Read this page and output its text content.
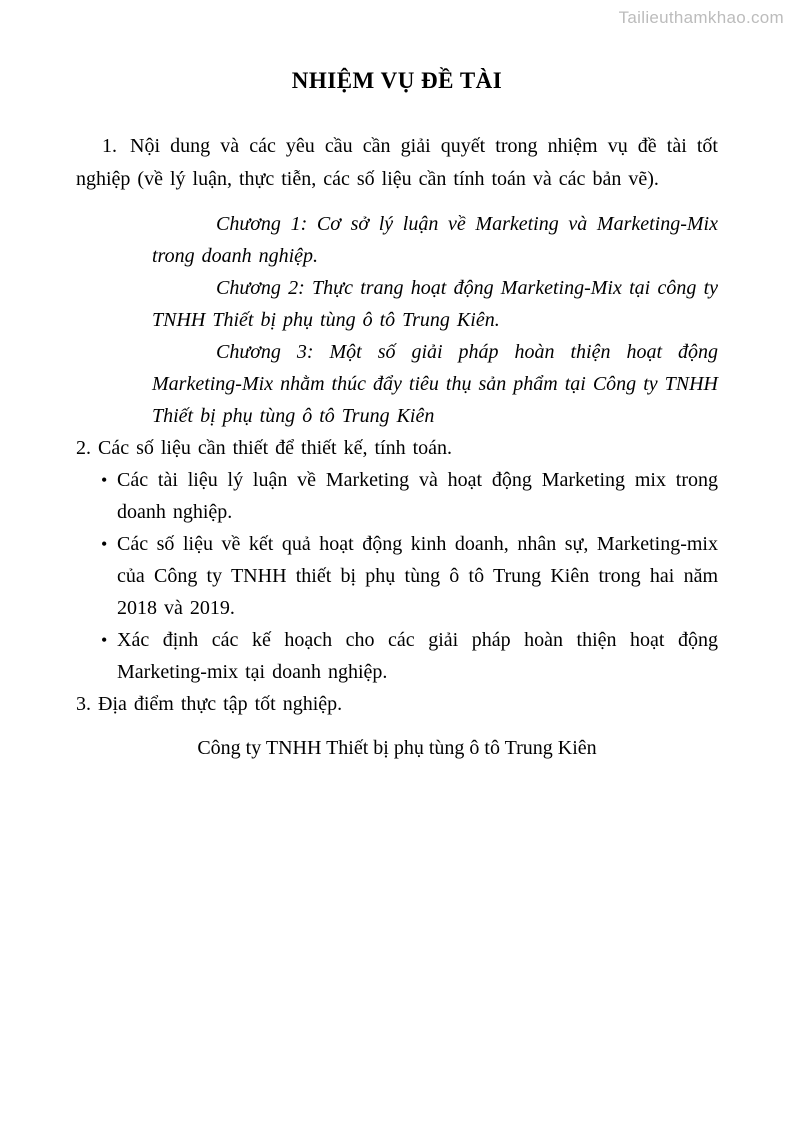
Tailieuthamkhao.com
NHIỆM VỤ ĐỀ TÀI

1. Nội dung và các yêu cầu cần giải quyết trong nhiệm vụ đề tài tốt nghiệp (về lý luận, thực tiễn, các số liệu cần tính toán và các bản vẽ).

Chương 1: Cơ sở lý luận về Marketing và Marketing-Mix trong doanh nghiệp.

Chương 2: Thực trang hoạt động Marketing-Mix tại công ty TNHH Thiết bị phụ tùng ô tô Trung Kiên.

Chương 3: Một số giải pháp hoàn thiện hoạt động Marketing-Mix nhằm thúc đẩy tiêu thụ sản phẩm tại Công ty TNHH Thiết bị phụ tùng ô tô Trung Kiên

2. Các số liệu cần thiết để thiết kế, tính toán.

• Các tài liệu lý luận về Marketing và hoạt động Marketing mix trong doanh nghiệp.
• Các số liệu về kết quả hoạt động kinh doanh, nhân sự, Marketing-mix của Công ty TNHH thiết bị phụ tùng ô tô Trung Kiên trong hai năm 2018 và 2019.
• Xác định các kế hoạch cho các giải pháp hoàn thiện hoạt động Marketing-mix tại doanh nghiệp.

3. Địa điểm thực tập tốt nghiệp.

Công ty TNHH Thiết bị phụ tùng ô tô Trung Kiên
